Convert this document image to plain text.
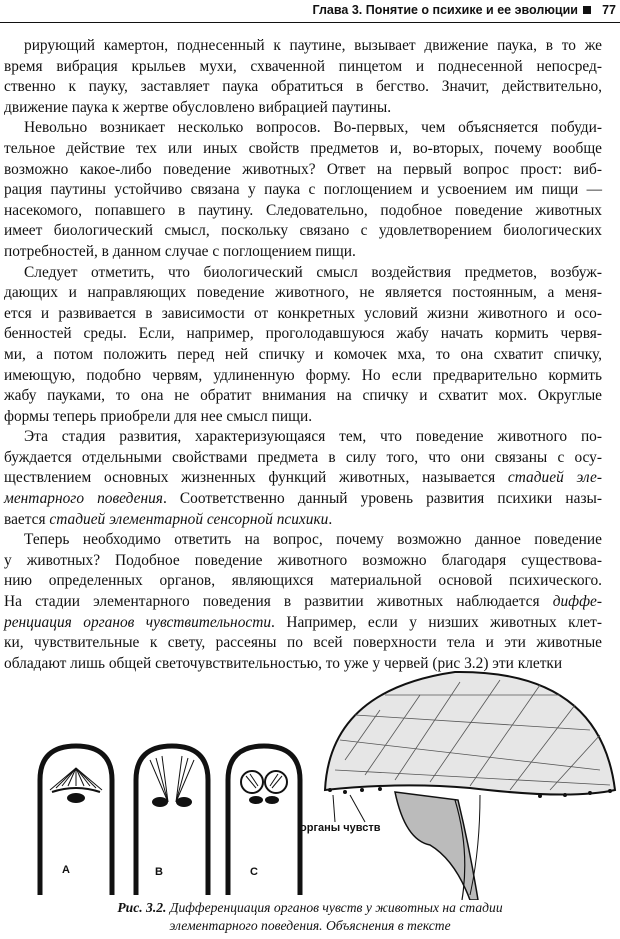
Глава 3. Понятие о психике и ее эволюции 77

рирующий камертон, поднесенный к паутине, вызывает движение паука, в то же

время вибрация крыльев мухи, схваченной пинцетом и поднесенной непосред-

ственно к пауку, заставляет паука обратиться в бегство. Значит, действительно,

движение паука к жертве обусловлено вибрацией паутины.

Невольно возникает несколько вопросов. Во-первых, чем объясняется побуди-

тельное действие тех или иных свойств предметов и, во-вторых, почему вообще

возможно какое-либо поведение животных? Ответ на первый вопрос прост: виб-

рация паутины устойчиво связана у паука с поглощением и усвоением им пищи —

насекомого, попавшего в паутину. Следовательно, подобное поведение животных

имеет биологический смысл, поскольку связано с удовлетворением биологических

потребностей, в данном случае с поглощением пищи.

Следует отметить, что биологический смысл воздействия предметов, возбуж-

дающих и направляющих поведение животного, не является постоянным, а меня-

ется и развивается в зависимости от конкретных условий жизни животного и осо-

бенностей среды. Если, например, проголодавшуюся жабу начать кормить червя-

ми, а потом положить перед ней спичку и комочек мха, то она схватит спичку,

имеющую, подобно червям, удлиненную форму. Но если предварительно кормить

жабу пауками, то она не обратит внимания на спичку и схватит мох. Округлые

формы теперь приобрели для нее смысл пищи.

Эта стадия развития, характеризующаяся тем, что поведение животного по-

буждается отдельными свойствами предмета в силу того, что они связаны с осу-

ществлением основных жизненных функций животных, называется стадией эле-

ментарного поведения. Соответственно данный уровень развития психики назы-

вается стадией элементарной сенсорной психики.

Теперь необходимо ответить на вопрос, почему возможно данное поведение

у животных? Подобное поведение животного возможно благодаря существова-

нию определенных органов, являющихся материальной основой психического.

На стадии элементарного поведения в развитии животных наблюдается диффе-

ренциация органов чувствительности. Например, если у низших животных клет-

ки, чувствительные к свету, рассеяны по всей поверхности тела и эти животные

обладают лишь общей светочувствительностью, то уже у червей (рис 3.2) эти клетки

A	B	C
органы чувств
Рис. 3.2. Дифференциация органов чувств у животных на стадии
элементарного поведения. Объяснения в тексте
